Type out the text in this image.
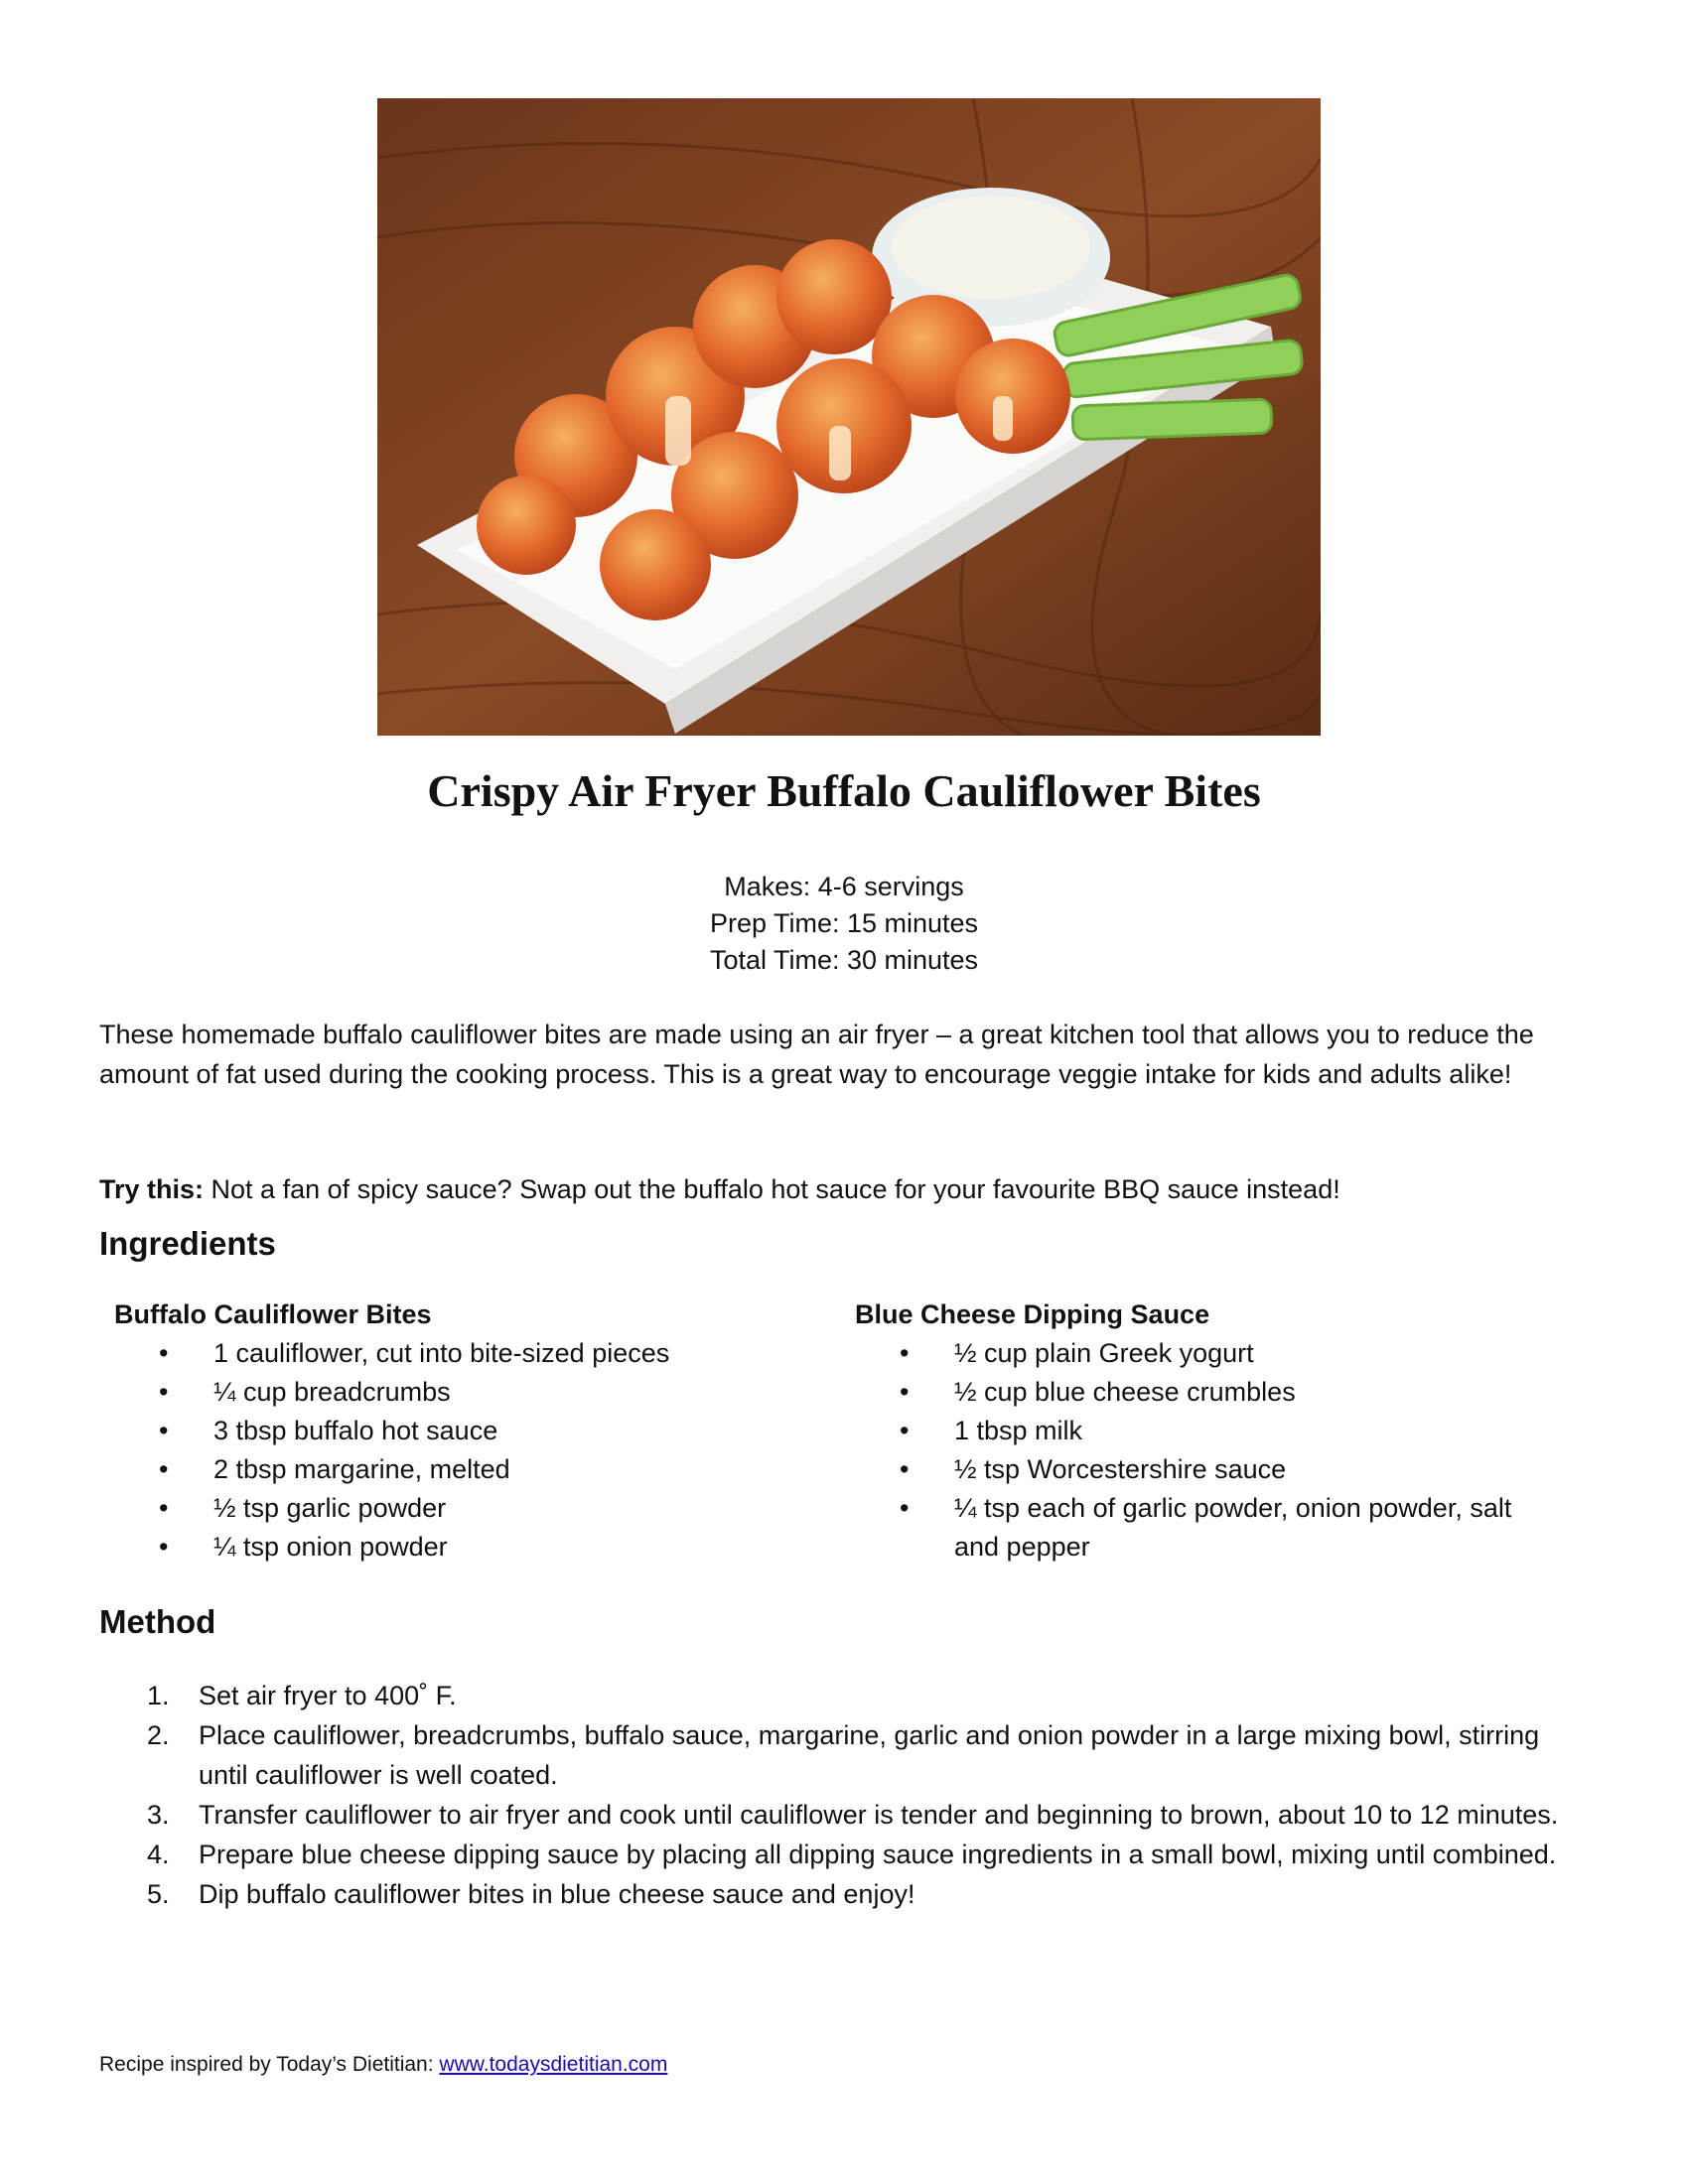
Crispy Air Fryer Buffalo Cauliflower Bites
Makes: 4-6 servings
Prep Time: 15 minutes
Total Time: 30 minutes

These homemade buffalo cauliflower bites are made using an air fryer – a great kitchen tool that allows you to reduce the amount of fat used during the cooking process. This is a great way to encourage veggie intake for kids and adults alike!

Try this: Not a fan of spicy sauce? Swap out the buffalo hot sauce for your favourite BBQ sauce instead!

Ingredients
Buffalo Cauliflower Bites
• 1 cauliflower, cut into bite-sized pieces
• ¼ cup breadcrumbs
• 3 tbsp buffalo hot sauce
• 2 tbsp margarine, melted
• ½ tsp garlic powder
• ¼ tsp onion powder
Blue Cheese Dipping Sauce
• ½ cup plain Greek yogurt
• ½ cup blue cheese crumbles
• 1 tbsp milk
• ½ tsp Worcestershire sauce
• ¼ tsp each of garlic powder, onion powder, salt and pepper
Method
1. Set air fryer to 400˚ F.
2. Place cauliflower, breadcrumbs, buffalo sauce, margarine, garlic and onion powder in a large mixing bowl, stirring until cauliflower is well coated.
3. Transfer cauliflower to air fryer and cook until cauliflower is tender and beginning to brown, about 10 to 12 minutes.
4. Prepare blue cheese dipping sauce by placing all dipping sauce ingredients in a small bowl, mixing until combined.
5. Dip buffalo cauliflower bites in blue cheese sauce and enjoy!
Recipe inspired by Today’s Dietitian: www.todaysdietitian.com
